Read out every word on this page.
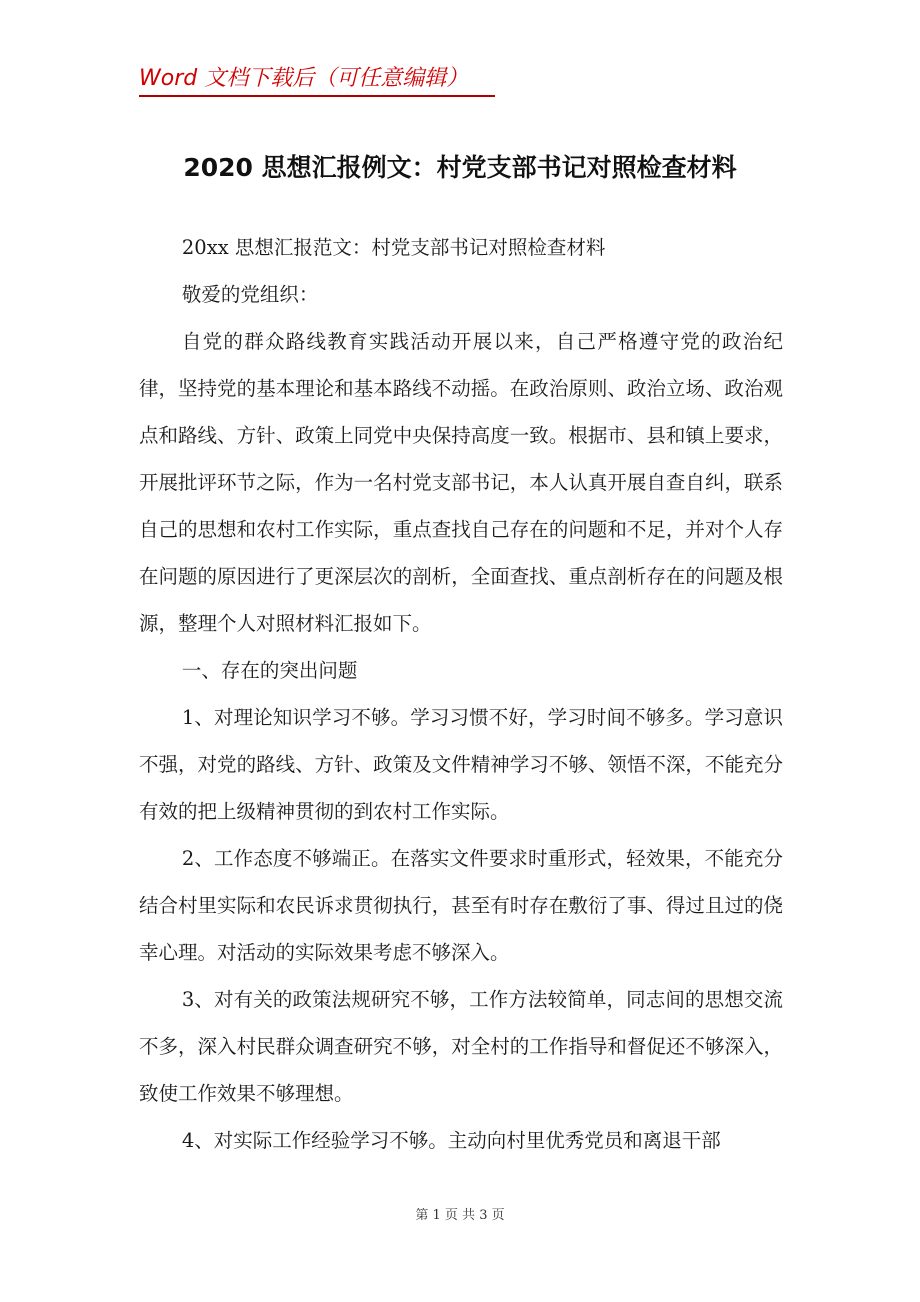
Word 文档下载后（可任意编辑）
2020 思想汇报例文：村党支部书记对照检查材料

20xx 思想汇报范文：村党支部书记对照检查材料

敬爱的党组织：

自党的群众路线教育实践活动开展以来，自己严格遵守党的政治纪律，坚持党的基本理论和基本路线不动摇。在政治原则、政治立场、政治观点和路线、方针、政策上同党中央保持高度一致。根据市、县和镇上要求，开展批评环节之际，作为一名村党支部书记，本人认真开展自查自纠，联系自己的思想和农村工作实际，重点查找自己存在的问题和不足，并对个人存在问题的原因进行了更深层次的剖析，全面查找、重点剖析存在的问题及根源，整理个人对照材料汇报如下。

一、存在的突出问题

1、对理论知识学习不够。学习习惯不好，学习时间不够多。学习意识不强，对党的路线、方针、政策及文件精神学习不够、领悟不深，不能充分有效的把上级精神贯彻的到农村工作实际。

2、工作态度不够端正。在落实文件要求时重形式，轻效果，不能充分结合村里实际和农民诉求贯彻执行，甚至有时存在敷衍了事、得过且过的侥幸心理。对活动的实际效果考虑不够深入。

3、对有关的政策法规研究不够，工作方法较简单，同志间的思想交流不多，深入村民群众调查研究不够，对全村的工作指导和督促还不够深入，致使工作效果不够理想。

4、对实际工作经验学习不够。主动向村里优秀党员和离退干部

第 1 页 共 3 页
